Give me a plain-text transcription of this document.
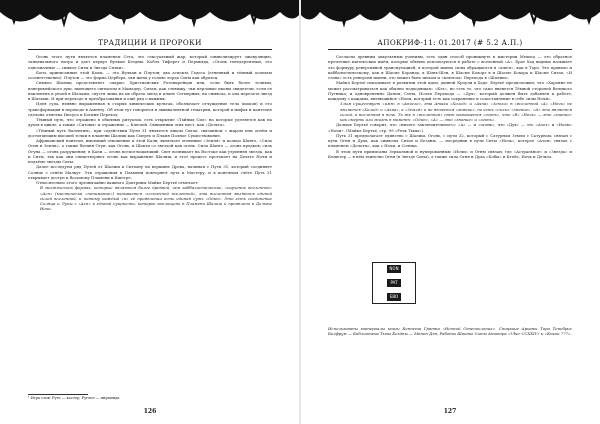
ТРАДИЦИИ И ПРОРОКИ	АПОКРИФ-11: 01.2017 (# 5.2 А.П.)

Огонь этого пути является пламенем Сета; это сексуальный жар, который символизирует эжекуляцию, танцевального натра и дает первуэ Вулкан Бездны. Кобэл Тиферет и Пермьяда, «Огонь тенедерентные, его однозначные — символ Ситы и Звезда Ситки».

Боги, приписанные этой Калы, — это Вулкан и Плутон; два аспекта Гадеса (огненный и тёмный аспекты соответственно). Плутон — это форма Цербера, чья жена у голове лорда Ситы как образец.

Символ Шалищ представляет «марш» Христианских Розенкрейцов или, если быть более точным, изнеримейского душ, имеющего сигналом в Мамадер, Ситам, как стимыку, чьи перловые иконы свидетели, если ее наклонена в уноей в Шалами, спустя лишь на их образа звезд и плане Сетмерных, на символа, и она перелета звезд в Шалами. И при переходе и преобразования и ещё ряд о важных.

Идея суда, неявно выраженная в старых химических культах, обозначает отчуждение тела (шоков) и его трансформация в переходе в Аменту. Об этом тут говорится в эквивалентной гематрии, которой в мифах и пантеоне сделана отметка Иисуса и Богиня Переход.

Тёмный путь, что отражено в обычных ритуалах, есть открытие «Тайных Сил» на которые уделяется как на духов в цикле, а также «Ситовы» и отражение — Ключей. Священник этих мест, как «Дельта».

«Тёмный путь Валентин», при содействии Путн 31 является лицом Ситах, связанном с жаром или огнём и достигающим высшей точки в пламени Шалиш как Смерть и Пламя Полное Существование.

Африканский пантеон, имеющий отношение к этой Кали, включает огненные «Земля» и кольцо Шанго, «Сила Огня и Земли», а также богиня Огун, как Огонь, и Шакти со звездой как огонь. Сила Шанго — огонь предков; сила Огуна — огонь разрушения; в Кали — огонь всепоглощающий. Свет возникает на Востоке как утренняя звезда, как и Ситы, так как они олицетворяют огонь как выражение Шалиш, и этот процесс протекает на Дельте Ночи и подъёме звезды Ситы.

Далее исследуем ряд Путей от Шалиш к Ситхану на вершине Древа, начиная с Пути 31, который соединяет Солнце с огнём Малкут. Эти отражения в Пламени повторяют путь к Мастеру, и в конечном счёте Путь 31 открывает доступ к Восьмому Пламени и Кшетре.

Относительно этого чрезвычайно важного Доктрины Майкл Бертьё отмечает:

В мистических формах, которые являются более древней, чем каббалистические, «изучение вселенной» «Асн» (мистически «понимание») называется «солнечной вселенной», эта вселенная является единой силой вселенной, и потому каждый «в» её проявлении есть единая суть «Один». Это есть соединение Солнца и Луны с «Асн» в единой сущности, которое воплощено в Пламени Шалиш и проявлено в Дельте Ночи.

Согласно древним оккультным учениям, есть один способ проникнуть в мистерии Мехиса — это обратное прочтение магических имён, которые обычно используются в работе с вселенной «А». Брат Хад видимо называет это формуру реверсивной трансмутацией, в которой имена силы обращаются в «ключ», как в Таро. Это правило и каббалистическому, как в Шасме Коранда, в Шэнь-Шэн, в Шасме Кохорэ в и Шасме Кохора и Шасме Ситах, «И слова» есть реверсия имени, это может быть шоком и «ключом» Перехода в «Шалиш».

Майкл Бертьё показывает в развитии этой идеи, данной Кроули в Хаде. Бертьё предположил, что «Харонне не может рассматриваться как обычно подходящая» «Кэт», но есть то, что само является Тёмной стороной Великого Путника; и одновременно Даном, Ситы, Иоэля Перехода — «Дух», который должен быть добавлен к работе, каждому с каждым, являющийся «Ноем, который есть как сохранение и сопоставление в себе силы Ночи».

Злым существует «имя» в «Ангеле», эта Атаки «Холод» и «Ахпа» «Земли» в «вселенной «А» «Ночь» не является «Холод» и «Ахпа», а «Земля» и не является «знание», но есть «силы» «знание». «А» это является силой, и вселенная в ночь. Та же в «вселенной» свет называется «огонь», что «В» «Ночь» — это «знание» как смерть или жизнь в момент: «Один», «А» — это «знание» и «огонь».

Дальше Бертьё говорит, что «ничего заключительного» «А» — и «огонь», что «Дух» — это «Азот» и «Ноэм» «Ночи». (Майкл Бертьё, стр. 99 «Речь Тьмы»).

Путь 31 предполагает единство с Шалиш, Огонь, с пути 32, который с Сатурном Земли с Сатурном, связан с пути Огня и Духа, как символы Ситах и Бездны, — посредник в пути Ситы «Ночь», которое «Атон» связал с пламенем «Дельты», как с Ночи, и Солнца.

В этом пути приписаны Зеркальной и нумерованным «Ночи» и Огню связан, где «Астральное» и «Звезда» и Кешетер — в нём таинство Огня (в Звезде Ситы), а также сила Огня и Духа «Кобы» и Ктейс, Ночь и Дельта.

NON
PAT
EBO
Использованы материалы книги Кеннета Гранта «Ночной Огнепоклоник». Старшие Арканы Таро Тенебрис Белфрум — Библиотека Тьмы Бездны — Манон Дэн, Работы Шакты Ситы Атанора «Uber CCXXIV» и «Кныш 777».
¹ Игра слов: Руте — костер, Ругепо — пирамида.
126	127
